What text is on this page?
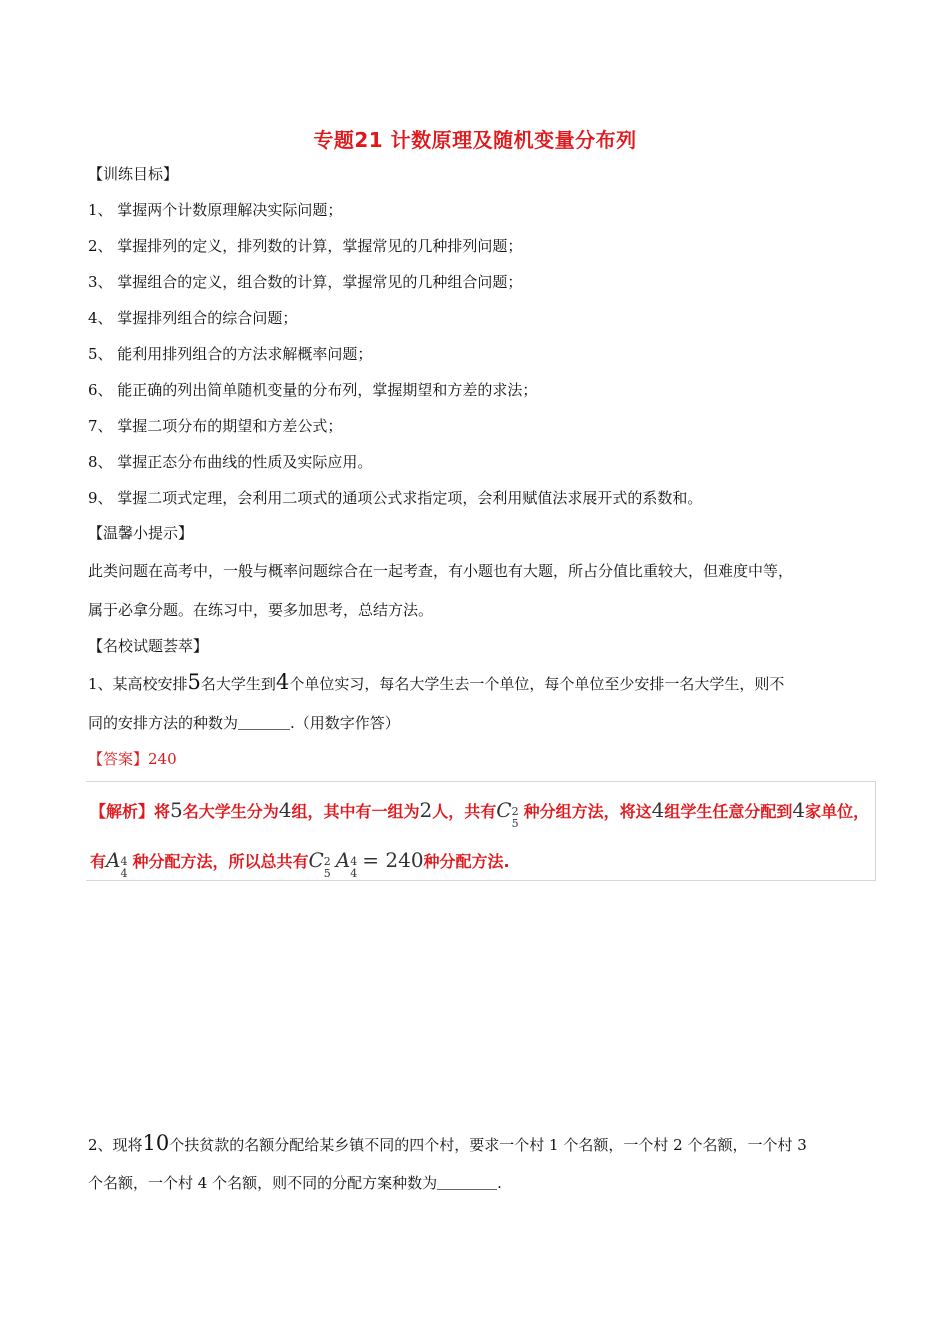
专题21 计数原理及随机变量分布列
【训练目标】
1、 掌握两个计数原理解决实际问题；
2、 掌握排列的定义，排列数的计算，掌握常见的几种排列问题；
3、 掌握组合的定义，组合数的计算，掌握常见的几种组合问题；
4、 掌握排列组合的综合问题；
5、 能利用排列组合的方法求解概率问题；
6、 能正确的列出简单随机变量的分布列，掌握期望和方差的求法；
7、 掌握二项分布的期望和方差公式；
8、 掌握正态分布曲线的性质及实际应用。
9、 掌握二项式定理，会利用二项式的通项公式求指定项，会利用赋值法求展开式的系数和。
【温馨小提示】
此类问题在高考中，一般与概率问题综合在一起考查，有小题也有大题，所占分值比重较大，但难度中等，
属于必拿分题。在练习中，要多加思考，总结方法。
【名校试题荟萃】
1、某高校安排5名大学生到4个单位实习，每名大学生去一个单位，每个单位至少安排一名大学生，则不
同的安排方法的种数为	.（用数字作答）
【答案】240
【解析】将5名大学生分为4组，其中有一组为2人，共有C 2
5
种分组方法，将这4组学生任意分配到4家单位，
有A 4
4
种分配方法，所以总共有C 2
5
A 4
4
= 240种分配方法.
2、现将10个扶贫款的名额分配给某乡镇不同的四个村，要求一个村 1 个名额，一个村 2 个名额，一个村 3
个名额，一个村 4 个名额，则不同的分配方案种数为	.
